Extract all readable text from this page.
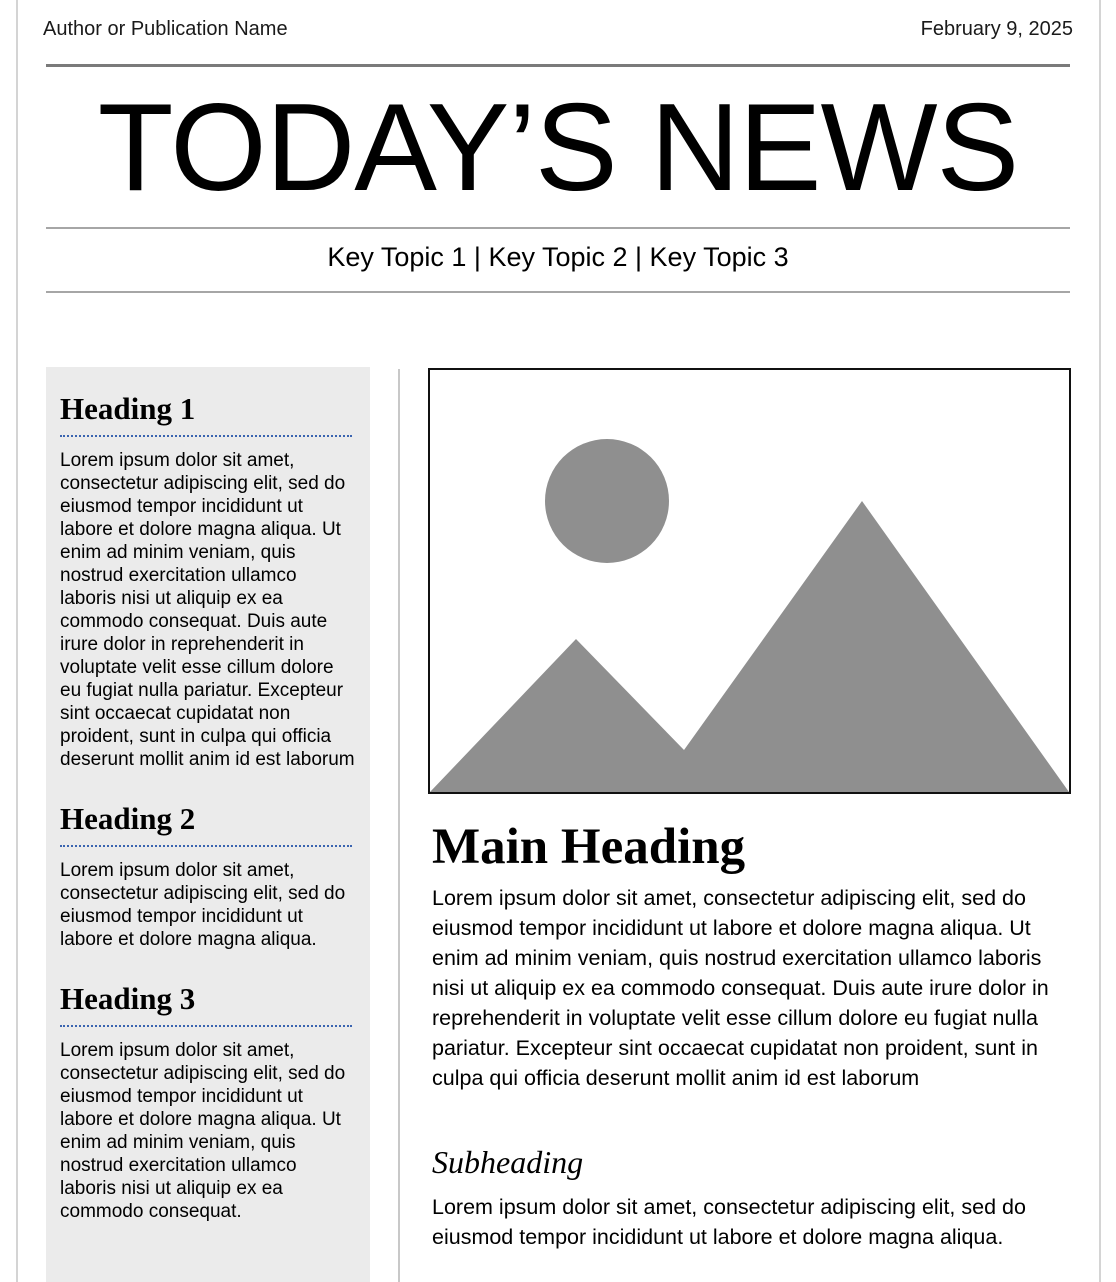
Author or Publication Name	February 9, 2025
TODAY’S NEWS
Key Topic 1 | Key Topic 2 | Key Topic 3
Heading 1

Lorem ipsum dolor sit amet, consectetur adipiscing elit, sed do eiusmod tempor incididunt ut labore et dolore magna aliqua. Ut enim ad minim veniam, quis nostrud exercitation ullamco laboris nisi ut aliquip ex ea commodo consequat. Duis aute irure dolor in reprehenderit in voluptate velit esse cillum dolore eu fugiat nulla pariatur. Excepteur sint occaecat cupidatat non proident, sunt in culpa qui officia deserunt mollit anim id est laborum

Heading 2

Lorem ipsum dolor sit amet, consectetur adipiscing elit, sed do eiusmod tempor incididunt ut labore et dolore magna aliqua.

Heading 3

Lorem ipsum dolor sit amet, consectetur adipiscing elit, sed do eiusmod tempor incididunt ut labore et dolore magna aliqua. Ut enim ad minim veniam, quis nostrud exercitation ullamco laboris nisi ut aliquip ex ea commodo consequat.

Main Heading

Lorem ipsum dolor sit amet, consectetur adipiscing elit, sed do eiusmod tempor incididunt ut labore et dolore magna aliqua. Ut enim ad minim veniam, quis nostrud exercitation ullamco laboris nisi ut aliquip ex ea commodo consequat. Duis aute irure dolor in reprehenderit in voluptate velit esse cillum dolore eu fugiat nulla pariatur. Excepteur sint occaecat cupidatat non proident, sunt in culpa qui officia deserunt mollit anim id est laborum

Subheading

Lorem ipsum dolor sit amet, consectetur adipiscing elit, sed do eiusmod tempor incididunt ut labore et dolore magna aliqua.
